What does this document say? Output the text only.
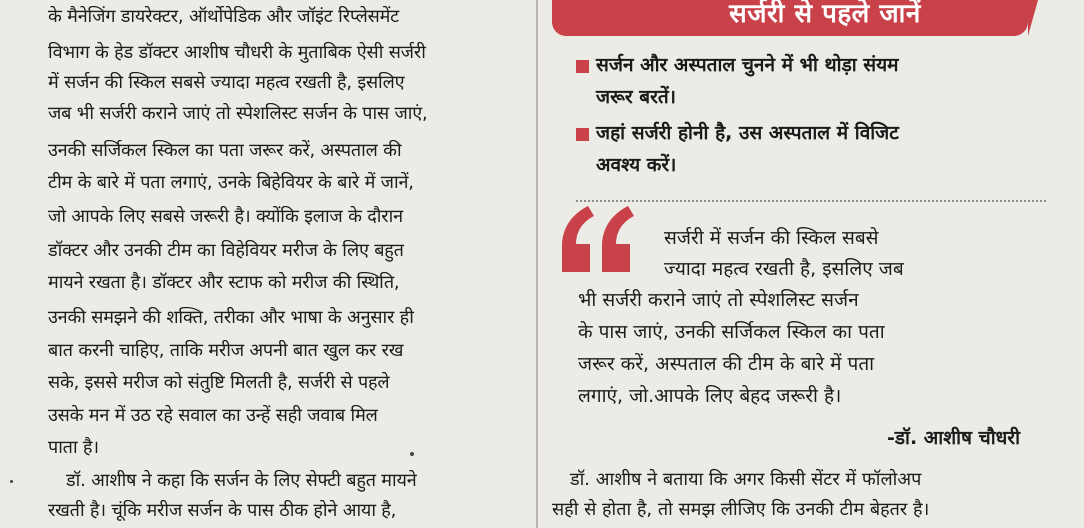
के मैनेजिंग डायरेक्टर, ऑर्थोपेडिक और जॉइंट रिप्लेसमेंट
विभाग के हेड डॉक्टर आशीष चौधरी के मुताबिक ऐसी सर्जरी
में सर्जन की स्किल सबसे ज्यादा महत्व रखती है, इसलिए
जब भी सर्जरी कराने जाएं तो स्पेशलिस्ट सर्जन के पास जाएं,
उनकी सर्जिकल स्किल का पता जरूर करें, अस्पताल की
टीम के बारे में पता लगाएं, उनके बिहेवियर के बारे में जानें,
जो आपके लिए सबसे जरूरी है। क्योंकि इलाज के दौरान
डॉक्टर और उनकी टीम का विहेवियर मरीज के लिए बहुत
मायने रखता है। डॉक्टर और स्टाफ को मरीज की स्थिति,
उनकी समझने की शक्ति, तरीका और भाषा के अनुसार ही
बात करनी चाहिए, ताकि मरीज अपनी बात खुल कर रख
सके, इससे मरीज को संतुष्टि मिलती है, सर्जरी से पहले
उसके मन में उठ रहे सवाल का उन्हें सही जवाब मिल
पाता है।
डॉ. आशीष ने कहा कि सर्जन के लिए सेफ्टी बहुत मायने
रखती है। चूंकि मरीज सर्जन के पास ठीक होने आया है,
सर्जरी से पहले जानें
सर्जन और अस्पताल चुनने में भी थोड़ा संयम
जरूर बरतें।
जहां सर्जरी होनी है, उस अस्पताल में विजिट
अवश्य करें।
सर्जरी में सर्जन की स्किल सबसे
ज्यादा महत्व रखती है, इसलिए जब
भी सर्जरी कराने जाएं तो स्पेशलिस्ट सर्जन
के पास जाएं, उनकी सर्जिकल स्किल का पता
जरूर करें, अस्पताल की टीम के बारे में पता
लगाएं, जो.आपके लिए बेहद जरूरी है।
-डॉ. आशीष चौधरी
डॉ. आशीष ने बताया कि अगर किसी सेंटर में फॉलोअप
सही से होता है, तो समझ लीजिए कि उनकी टीम बेहतर है।
